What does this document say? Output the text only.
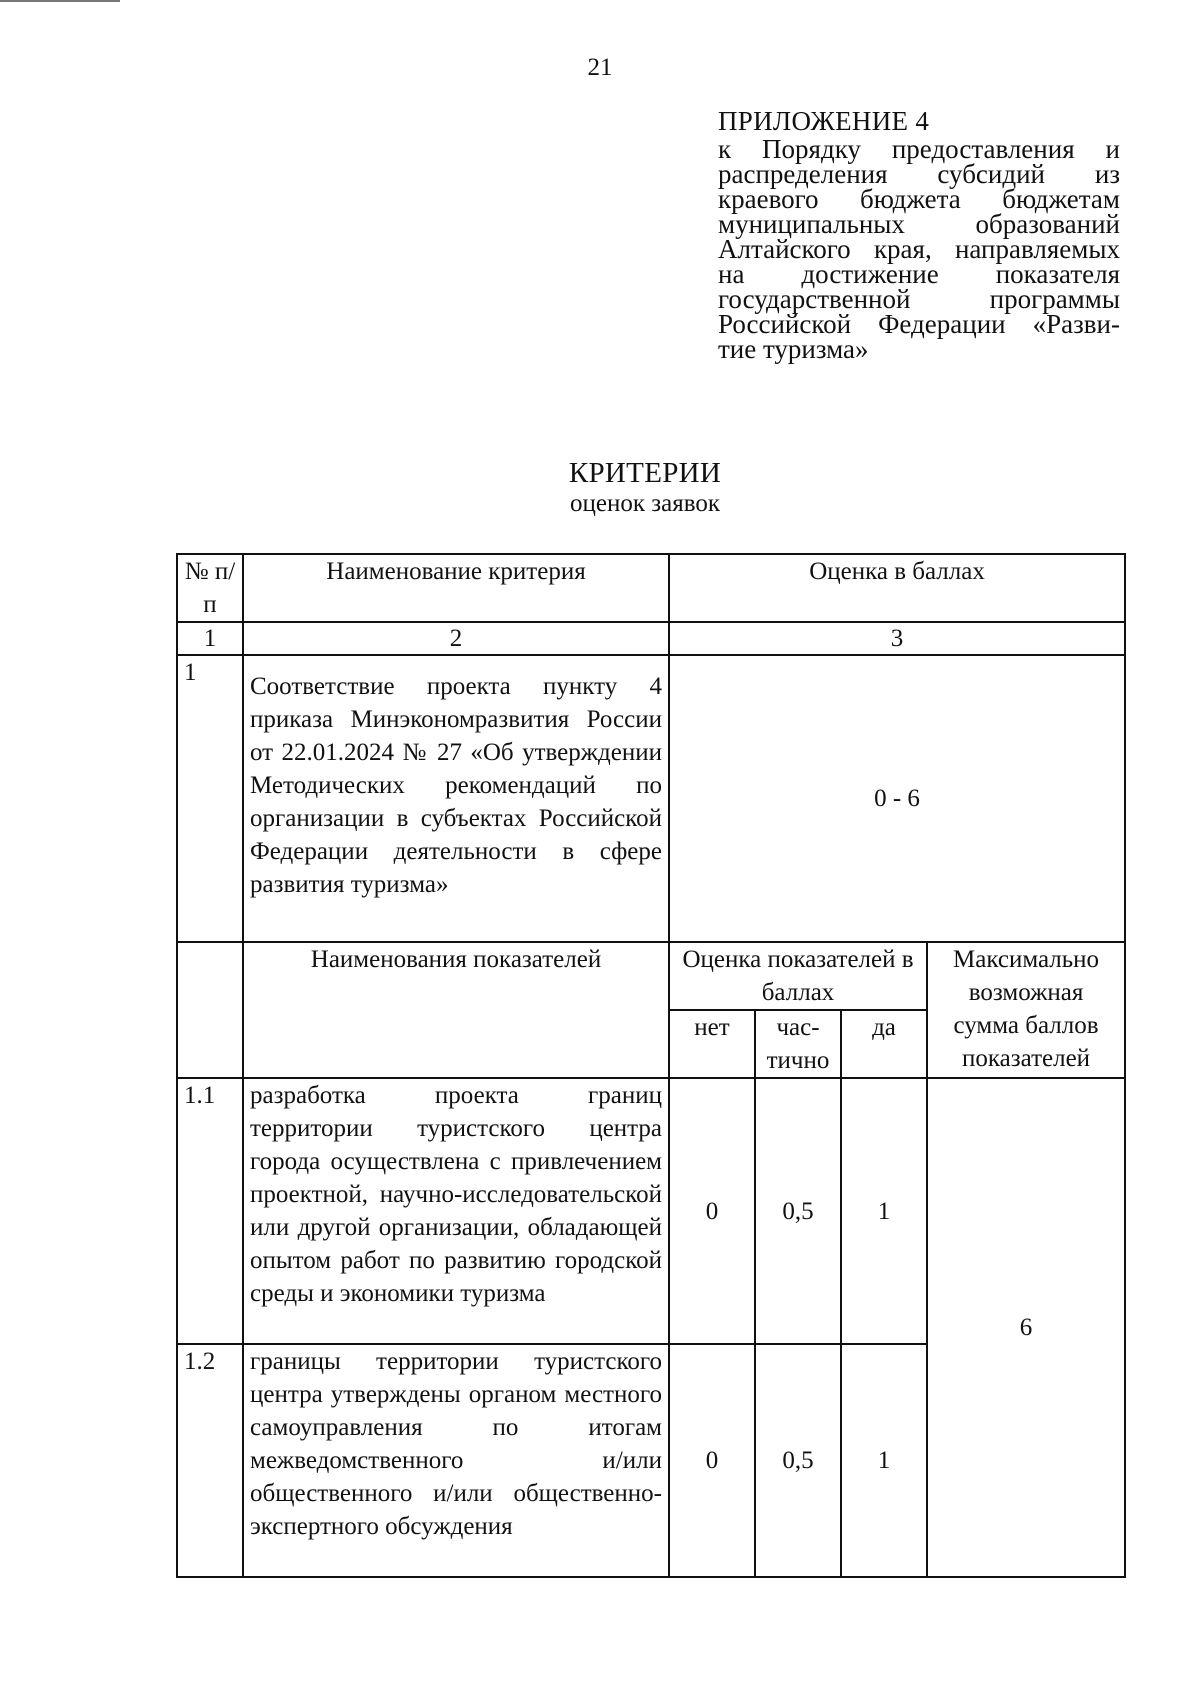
21
ПРИЛОЖЕНИЕ 4

к Порядку предоставления и

распределения субсидий из

краевого бюджета бюджетам

муниципальных образований

Алтайского края, направляемых

на достижение показателя

государственной программы

Российской Федерации «Разви-

тие туризма»

КРИТЕРИИ
оценок заявок
№ п/п	Наименование критерия	Оценка в баллах			
1	2	3			
1	Соответствие проекта пункту 4 приказа Минэкономразвития России от 22.01.2024 № 27 «Об утверждении Методических рекомендаций по организации в субъектах Российской Федерации деятельности в сфере развития туризма»	0 - 6			
	Наименования показателей	Оценка показателей в баллах			Максимально возможная сумма баллов показателей
		нет	час-тично	да	
1.1	разработка проекта границ территории туристского центра города осуществлена с привлечением проектной, научно-исследовательской или другой организации, обладающей опытом работ по развитию городской среды и экономики туризма	0	0,5	1	6
1.2	границы территории туристского центра утверждены органом местного самоуправления по итогам межведомственного и/или общественного и/или общественно-экспертного обсуждения	0	0,5	1	
